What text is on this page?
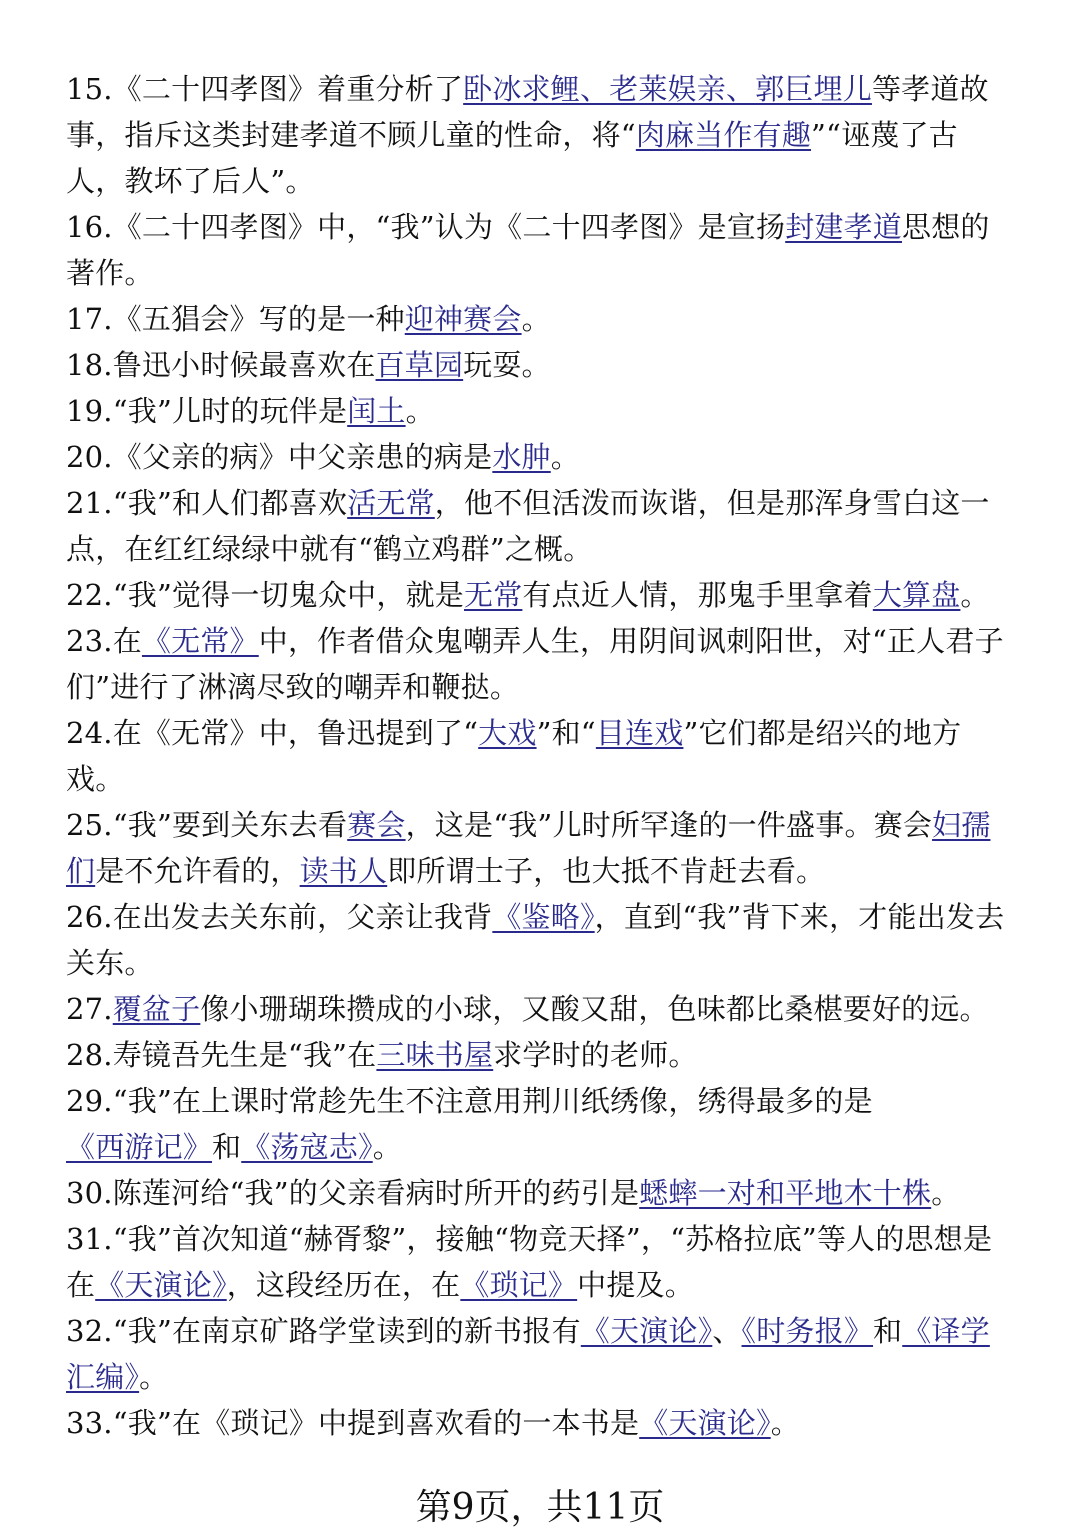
15.《二十四孝图》着重分析了卧冰求鲤、老莱娱亲、郭巨埋儿等孝道故事，指斥这类封建孝道不顾儿童的性命，将“肉麻当作有趣”“诬蔑了古人，教坏了后人”。

16.《二十四孝图》中，“我”认为《二十四孝图》是宣扬封建孝道思想的著作。

17.《五猖会》写的是一种迎神赛会。

18.鲁迅小时候最喜欢在百草园玩耍。

19.“我”儿时的玩伴是闰土。

20.《父亲的病》中父亲患的病是水肿。

21.“我”和人们都喜欢活无常，他不但活泼而诙谐，但是那浑身雪白这一点，在红红绿绿中就有“鹤立鸡群”之概。

22.“我”觉得一切鬼众中，就是无常有点近人情，那鬼手里拿着大算盘。

23.在《无常》中，作者借众鬼嘲弄人生，用阴间讽刺阳世，对“正人君子们”进行了淋漓尽致的嘲弄和鞭挞。

24.在《无常》中，鲁迅提到了“大戏”和“目连戏”它们都是绍兴的地方戏。

25.“我”要到关东去看赛会，这是“我”儿时所罕逢的一件盛事。赛会妇孺们是不允许看的，读书人即所谓士子，也大抵不肯赶去看。

26.在出发去关东前，父亲让我背《鉴略》，直到“我”背下来，才能出发去关东。

27.覆盆子像小珊瑚珠攒成的小球，又酸又甜，色味都比桑椹要好的远。

28.寿镜吾先生是“我”在三味书屋求学时的老师。

29.“我”在上课时常趁先生不注意用荆川纸绣像，绣得最多的是《西游记》和《荡寇志》。

30.陈莲河给“我”的父亲看病时所开的药引是蟋蟀一对和平地木十株。

31.“我”首次知道“赫胥黎”，接触“物竞天择”，“苏格拉底”等人的思想是在《天演论》，这段经历在，在《琐记》中提及。

32.“我”在南京矿路学堂读到的新书报有《天演论》、《时务报》和《译学汇编》。

33.“我”在《琐记》中提到喜欢看的一本书是《天演论》。

第9页，共11页
